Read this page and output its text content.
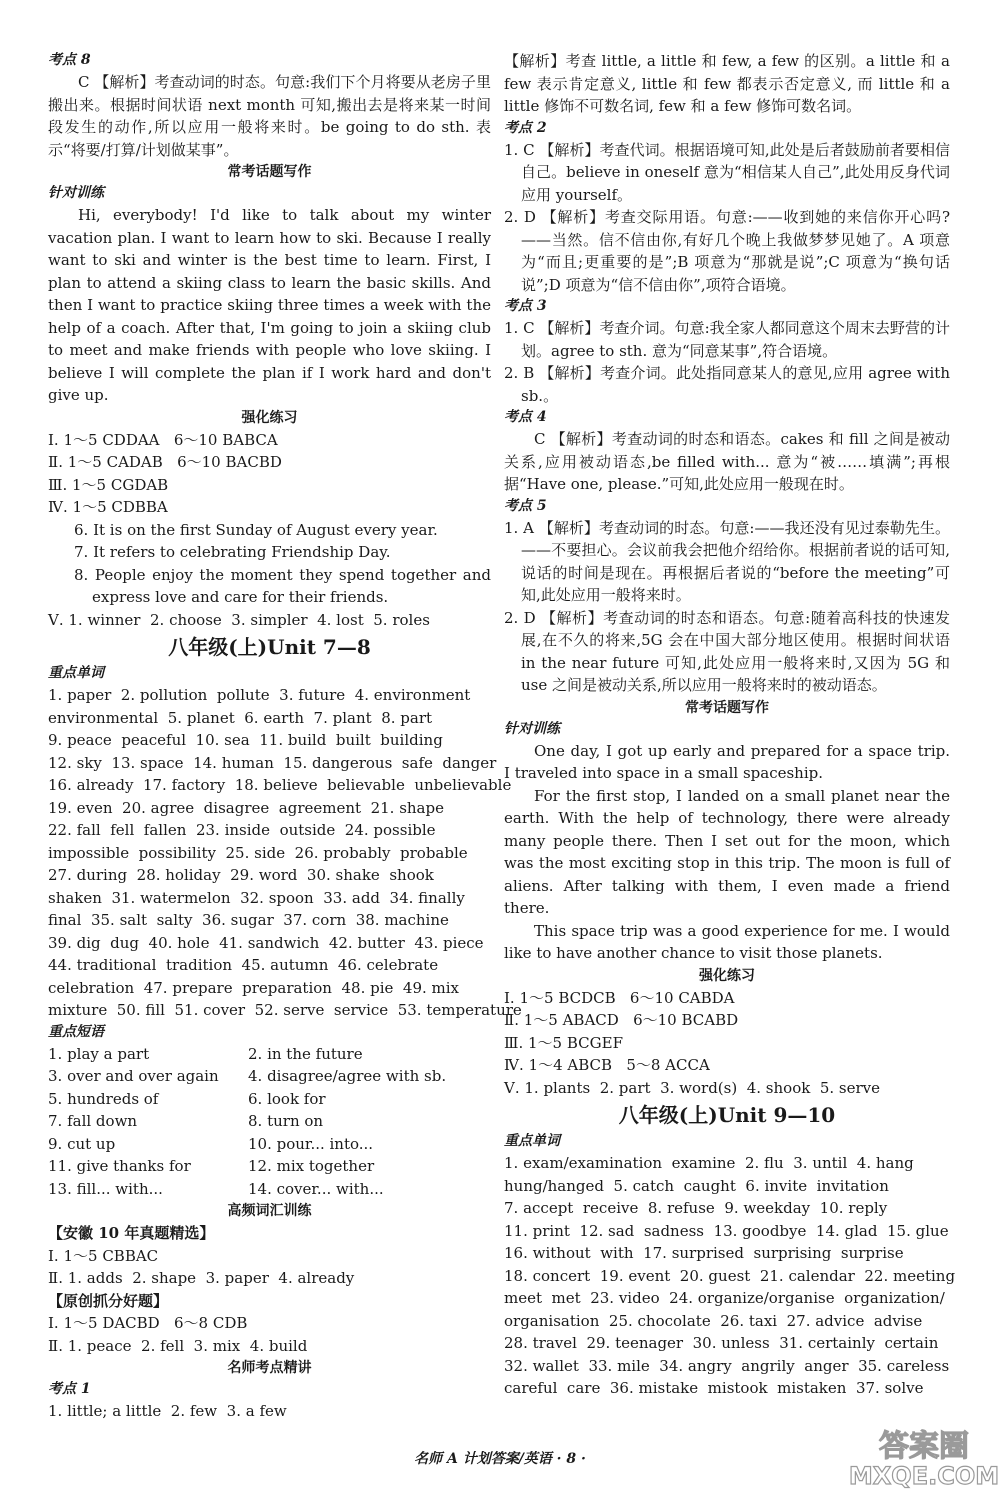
考点 8

C 【解析】考查动词的时态。句意:我们下个月将要从老房子里搬出来。根据时间状语 next month 可知,搬出去是将来某一时间段发生的动作,所以应用一般将来时。be going to do sth. 表示“将要/打算/计划做某事”。

常考话题写作
针对训练

Hi, everybody! I'd like to talk about my winter vacation plan. I want to learn how to ski. Because I really want to ski and winter is the best time to learn. First, I plan to attend a skiing class to learn the basic skills. And then I want to practice skiing three times a week with the help of a coach. After that, I'm going to join a skiing club to meet and make friends with people who love skiing. I believe I will complete the plan if I work hard and don't give up.

强化练习
Ⅰ. 1～5 CDDAA   6～10 BABCA
Ⅱ. 1～5 CADAB   6～10 BACBD
Ⅲ. 1～5 CGDAB
Ⅳ. 1～5 CDBBA

6. It is on the first Sunday of August every year.

7. It refers to celebrating Friendship Day.

8. People enjoy the moment they spend together and express love and care for their friends.

Ⅴ. 1. winner  2. choose  3. simpler  4. lost  5. roles
八年级(上)Unit 7—8
重点单词
1. paper  2. pollution  pollute  3. future  4. environment
environmental  5. planet  6. earth  7. plant  8. part
9. peace  peaceful  10. sea  11. build  built  building
12. sky  13. space  14. human  15. dangerous  safe  danger
16. already  17. factory  18. believe  believable  unbelievable
19. even  20. agree  disagree  agreement  21. shape
22. fall  fell  fallen  23. inside  outside  24. possible
impossible  possibility  25. side  26. probably  probable
27. during  28. holiday  29. word  30. shake  shook
shaken  31. watermelon  32. spoon  33. add  34. finally
final  35. salt  salty  36. sugar  37. corn  38. machine
39. dig  dug  40. hole  41. sandwich  42. butter  43. piece
44. traditional  tradition  45. autumn  46. celebrate
celebration  47. prepare  preparation  48. pie  49. mix
mixture  50. fill  51. cover  52. serve  service  53. temperature
重点短语
1. play a part	2. in the future
3. over and over again	4. disagree/agree with sb.
5. hundreds of	6. look for
7. fall down	8. turn on
9. cut up	10. pour... into...
11. give thanks for	12. mix together
13. fill... with...	14. cover... with...
高频词汇训练
【安徽 10 年真题精选】
Ⅰ. 1～5 CBBAC
Ⅱ. 1. adds  2. shape  3. paper  4. already
【原创抓分好题】
Ⅰ. 1～5 DACBD   6～8 CDB
Ⅱ. 1. peace  2. fell  3. mix  4. build
名师考点精讲
考点 1
1. little; a little  2. few  3. a few

【解析】考查 little, a little 和 few, a few 的区别。a little 和 a few 表示肯定意义, little 和 few 都表示否定意义, 而 little 和 a little 修饰不可数名词, few 和 a few 修饰可数名词。

考点 2

1. C 【解析】考查代词。根据语境可知,此处是后者鼓励前者要相信自己。believe in oneself 意为“相信某人自己”,此处用反身代词应用 yourself。

2. D 【解析】考查交际用语。句意:——收到她的来信你开心吗? ——当然。信不信由你,有好几个晚上我做梦梦见她了。A 项意为“而且;更重要的是”;B 项意为“那就是说”;C 项意为“换句话说”;D 项意为“信不信由你”,项符合语境。

考点 3

1. C 【解析】考查介词。句意:我全家人都同意这个周末去野营的计划。agree to sth. 意为“同意某事”,符合语境。

2. B 【解析】考查介词。此处指同意某人的意见,应用 agree with sb.。

考点 4

C 【解析】考查动词的时态和语态。cakes 和 fill 之间是被动关系,应用被动语态,be filled with... 意为“被……填满”;再根据“Have one, please.”可知,此处应用一般现在时。

考点 5

1. A 【解析】考查动词的时态。句意:——我还没有见过泰勒先生。——不要担心。会议前我会把他介绍给你。根据前者说的话可知,说话的时间是现在。再根据后者说的“before the meeting”可知,此处应用一般将来时。

2. D 【解析】考查动词的时态和语态。句意:随着高科技的快速发展,在不久的将来,5G 会在中国大部分地区使用。根据时间状语 in the near future 可知,此处应用一般将来时,又因为 5G 和 use 之间是被动关系,所以应用一般将来时的被动语态。

常考话题写作
针对训练

One day, I got up early and prepared for a space trip. I traveled into space in a small spaceship.

For the first stop, I landed on a small planet near the earth. With the help of technology, there were already many people there. Then I set out for the moon, which was the most exciting stop in this trip. The moon is full of aliens. After talking with them, I even made a friend there.

This space trip was a good experience for me. I would like to have another chance to visit those planets.

强化练习
Ⅰ. 1～5 BCDCB   6～10 CABDA
Ⅱ. 1～5 ABACD   6～10 BCABD
Ⅲ. 1～5 BCGEF
Ⅳ. 1～4 ABCB   5～8 ACCA
Ⅴ. 1. plants  2. part  3. word(s)  4. shook  5. serve
八年级(上)Unit 9—10
重点单词
1. exam/examination  examine  2. flu  3. until  4. hang
hung/hanged  5. catch  caught  6. invite  invitation
7. accept  receive  8. refuse  9. weekday  10. reply
11. print  12. sad  sadness  13. goodbye  14. glad  15. glue
16. without  with  17. surprised  surprising  surprise
18. concert  19. event  20. guest  21. calendar  22. meeting
meet  met  23. video  24. organize/organise  organization/
organisation  25. chocolate  26. taxi  27. advice  advise
28. travel  29. teenager  30. unless  31. certainly  certain
32. wallet  33. mile  34. angry  angrily  anger  35. careless
careful  care  36. mistake  mistook  mistaken  37. solve
名师 A 计划答案/英语 · 8 ·	答案圈
MXQE.COM
